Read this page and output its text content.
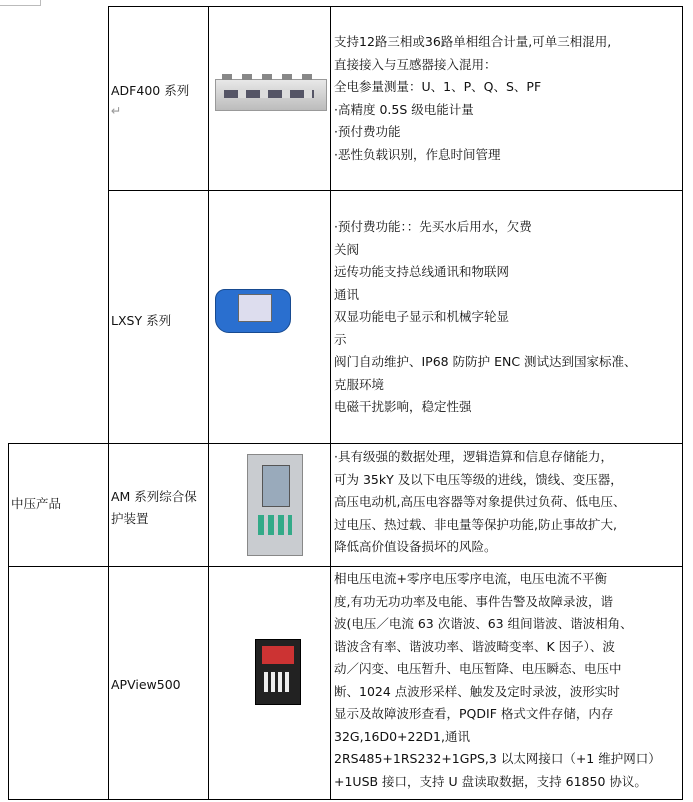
ADF400 系列
↵
支持12路三相或36路单相组合计量,可单三相混用,
直接接入与互感器接入混用：
全电参量测量：U、1、P、Q、S、PF
·高精度 0.5S 级电能计量
·预付费功能
·恶性负载识别，作息时间管理
LXSY 系列
·预付费功能：：先买水后用水，欠费
关阀
远传功能支持总线通讯和物联网
通讯
双显功能电子显示和机械字轮显
示
阀门自动维护、IP68 防防护 ENC 测试达到国家标准、
克服环境
电磁干扰影响，稳定性强
中压产品	AM 系列综合保
护装置
·具有级强的数据处理，逻辑造算和信息存储能力，
可为 35kY 及以下电压等级的进线，馈线、变压器，
高压电动机,高压电容器等对象提供过负荷、低电压、
过电压、热过载、非电量等保护功能,防止事故扩大,
降低高价值设备损坏的风险。
APView500
相电压电流+零序电压零序电流，电压电流不平衡
度,有功无功功率及电能、事件告警及故障录波，谐
波(电压／电流 63 次谐波、63 组间谐波、谐波相角、
谐波含有率、谐波功率、谐波畸变率、K 因子）、波
动／闪变、电压暂升、电压暂降、电压瞬态、电压中
断、1024 点波形采样、触发及定时录波，波形实时
显示及故障波形查看，PQDIF 格式文件存储，内存
32G,16D0+22D1,通讯
2RS485+1RS232+1GPS,3 以太网接口（+1 维护网口）
+1USB 接口，支持 U 盘读取数据，支持 61850 协议。
